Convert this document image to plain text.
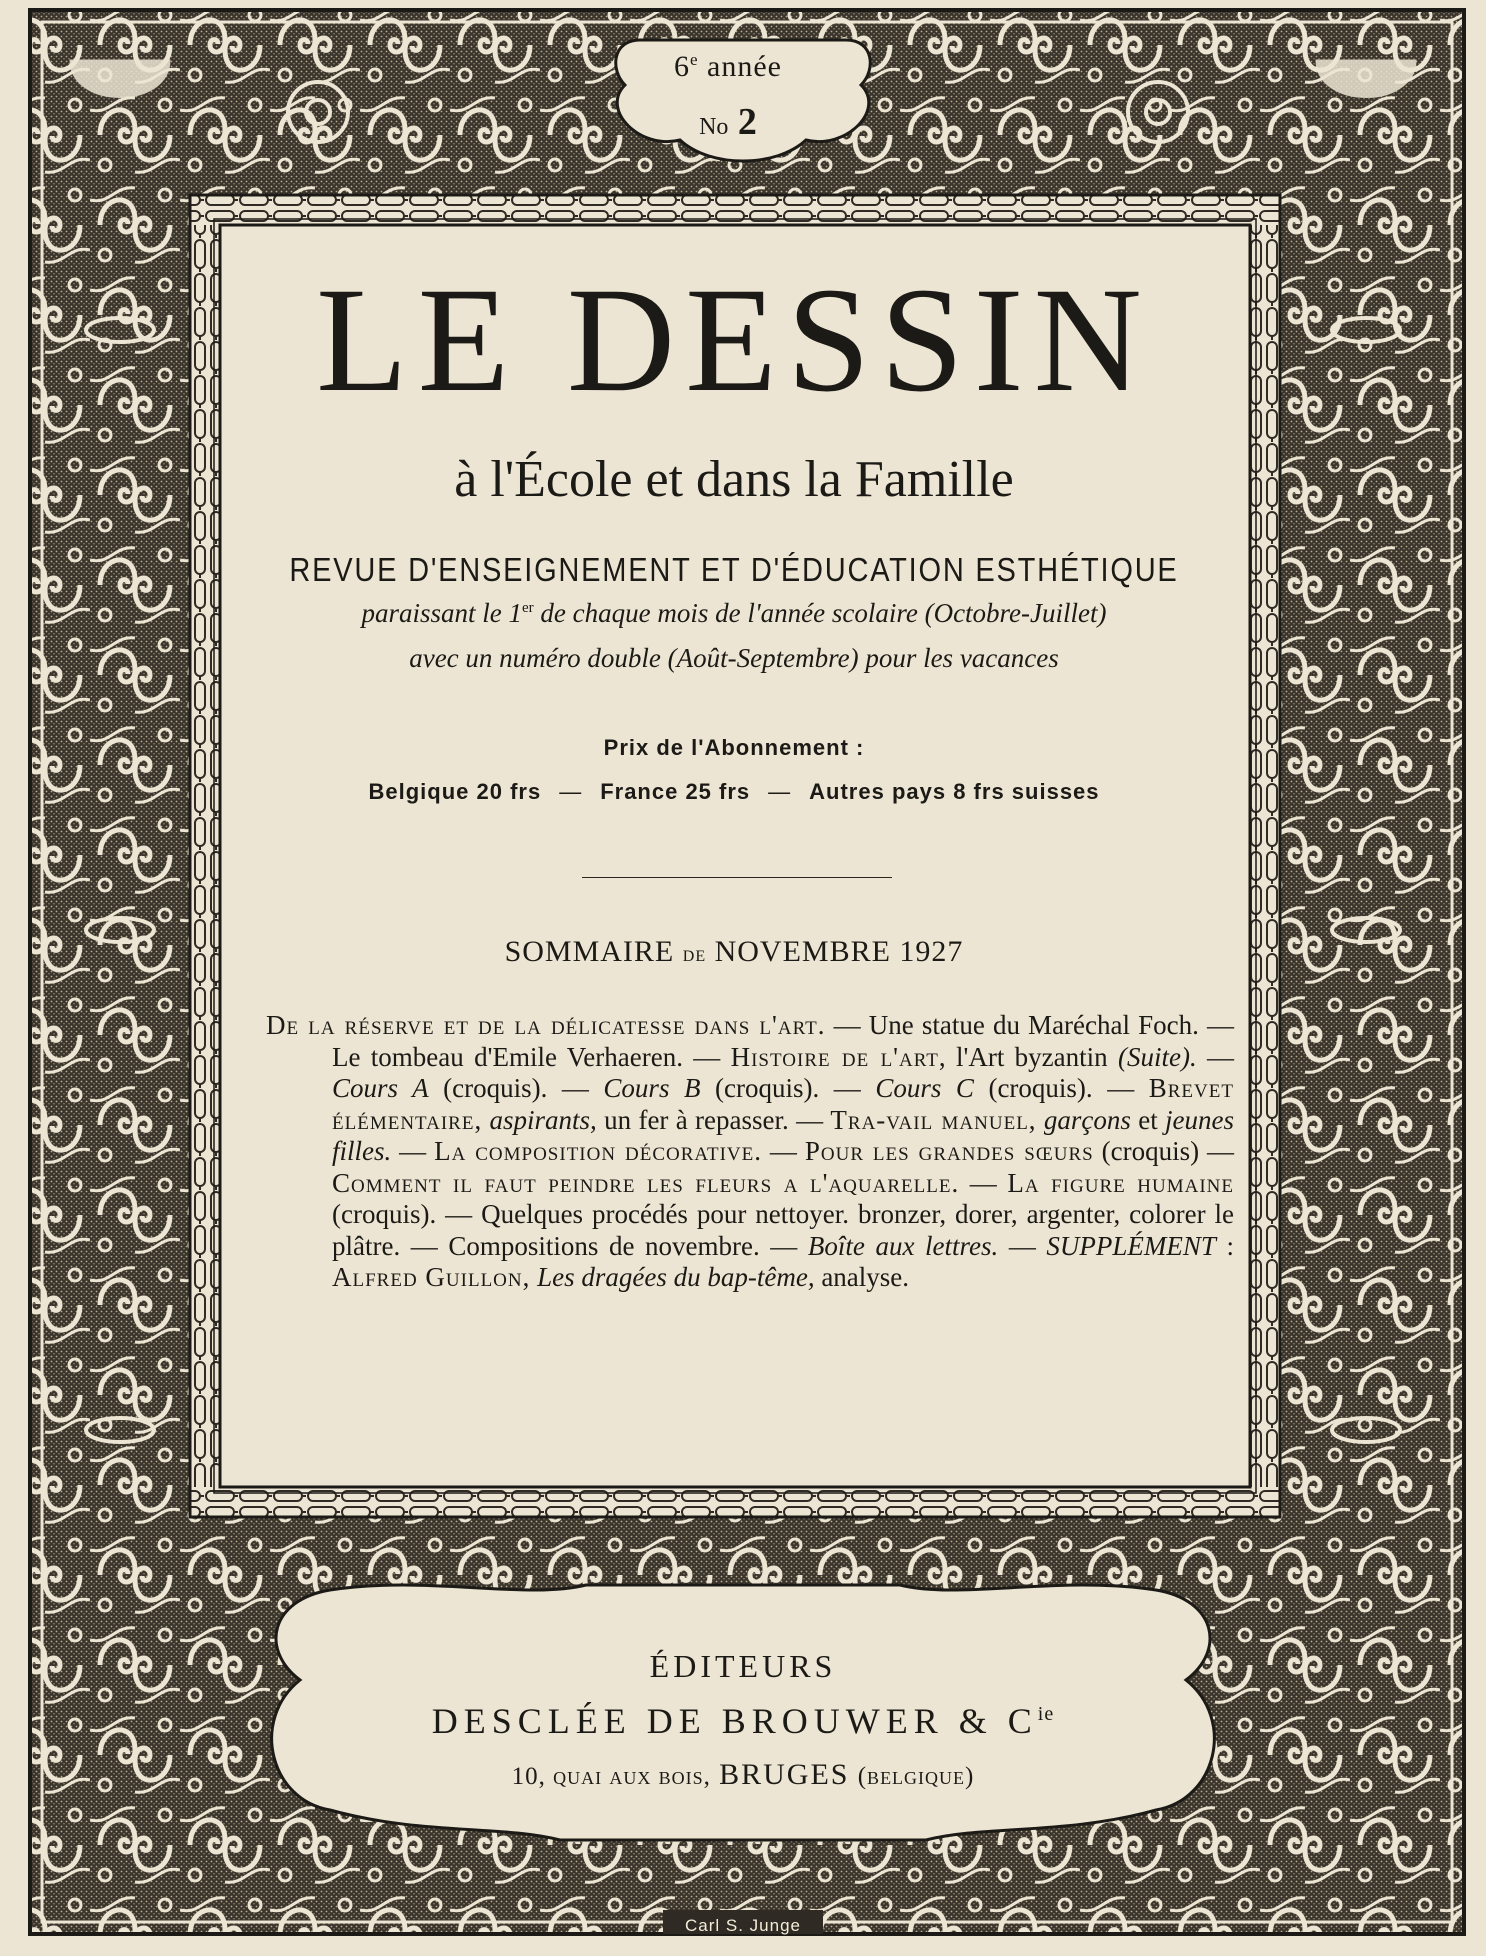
6e année
No 2
LE DESSIN
à l'École et dans la Famille
REVUE D'ENSEIGNEMENT ET D'ÉDUCATION ESTHÉTIQUE
paraissant le 1er de chaque mois de l'année scolaire (Octobre-Juillet)
avec un numéro double (Août-Septembre) pour les vacances
Prix de l'Abonnement :
Belgique 20 frs — France 25 frs — Autres pays 8 frs suisses
SOMMAIRE de NOVEMBRE 1927
De la réserve et de la délicatesse dans l'art. — Une statue du Maréchal Foch. — Le tombeau d'Emile Verhaeren. — Histoire de l'art, l'Art byzantin (Suite). — Cours A (croquis). — Cours B (croquis). — Cours C (croquis). — Brevet élémentaire, aspirants, un fer à repasser. — Tra-vail manuel, garçons et jeunes filles. — La composition décorative. — Pour les grandes sœurs (croquis) — Comment il faut peindre les fleurs a l'aquarelle. — La figure humaine (croquis). — Quelques procédés pour nettoyer. bronzer, dorer, argenter, colorer le plâtre. — Compositions de novembre. — Boîte aux lettres. — SUPPLÉMENT : Alfred Guillon, Les dragées du bap-tême, analyse.
ÉDITEURS
DESCLÉE DE BROUWER & $C^{ie}$
10, quai aux bois, BRUGES (belgique)
Carl S. Junge
